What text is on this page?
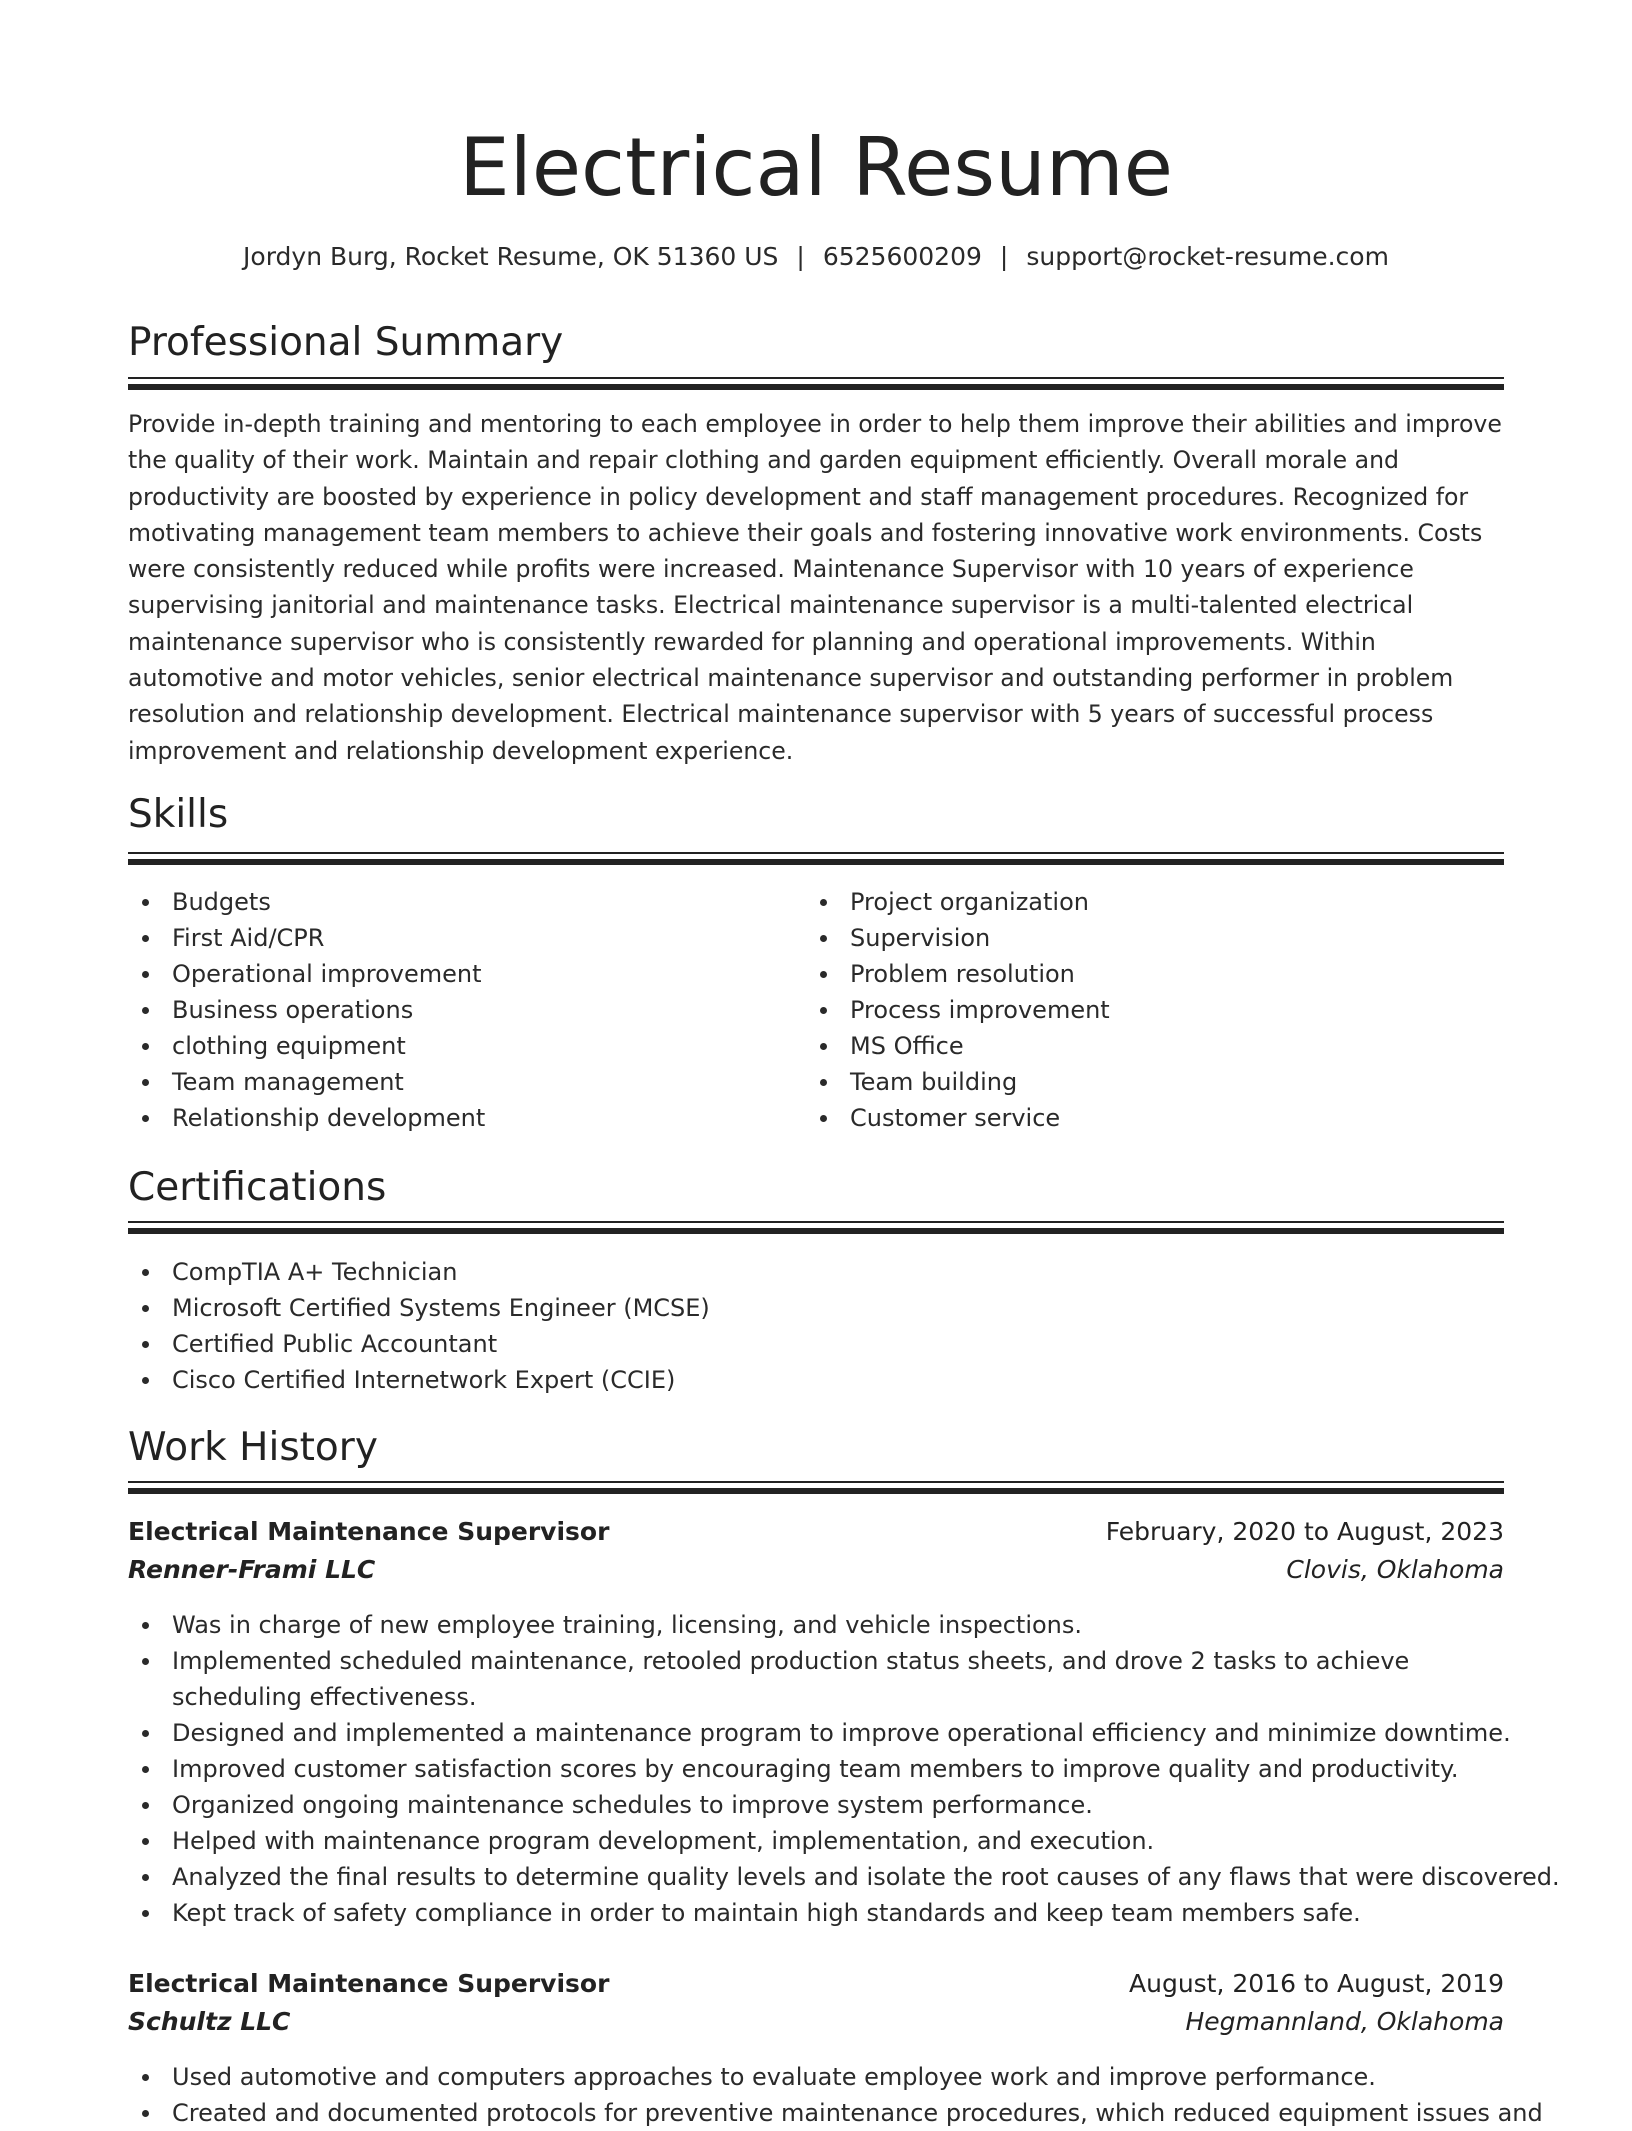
Electrical Resume
Jordyn Burg, Rocket Resume, OK 51360 US | 6525600209 | support@rocket-resume.com
Professional Summary

Provide in-depth training and mentoring to each employee in order to help them improve their abilities and improve the quality of their work. Maintain and repair clothing and garden equipment efficiently. Overall morale and productivity are boosted by experience in policy development and staff management procedures. Recognized for motivating management team members to achieve their goals and fostering innovative work environments. Costs were consistently reduced while profits were increased. Maintenance Supervisor with 10 years of experience supervising janitorial and maintenance tasks. Electrical maintenance supervisor is a multi-talented electrical maintenance supervisor who is consistently rewarded for planning and operational improvements. Within automotive and motor vehicles, senior electrical maintenance supervisor and outstanding performer in problem resolution and relationship development. Electrical maintenance supervisor with 5 years of successful process improvement and relationship development experience.

Skills
Budgets
First Aid/CPR
Operational improvement
Business operations
clothing equipment
Team management
Relationship development
Project organization
Supervision
Problem resolution
Process improvement
MS Office
Team building
Customer service
Certifications
CompTIA A+ Technician
Microsoft Certified Systems Engineer (MCSE)
Certified Public Accountant
Cisco Certified Internetwork Expert (CCIE)
Work History
Electrical Maintenance Supervisor	February, 2020 to August, 2023
Renner-Frami LLC	Clovis, Oklahoma
Was in charge of new employee training, licensing, and vehicle inspections.
Implemented scheduled maintenance, retooled production status sheets, and drove 2 tasks to achieve scheduling effectiveness.
Designed and implemented a maintenance program to improve operational efficiency and minimize downtime.
Improved customer satisfaction scores by encouraging team members to improve quality and productivity.
Organized ongoing maintenance schedules to improve system performance.
Helped with maintenance program development, implementation, and execution.
Analyzed the final results to determine quality levels and isolate the root causes of any flaws that were discovered.
Kept track of safety compliance in order to maintain high standards and keep team members safe.
Electrical Maintenance Supervisor	August, 2016 to August, 2019
Schultz LLC	Hegmannland, Oklahoma
Used automotive and computers approaches to evaluate employee work and improve performance.
Created and documented protocols for preventive maintenance procedures, which reduced equipment issues and
